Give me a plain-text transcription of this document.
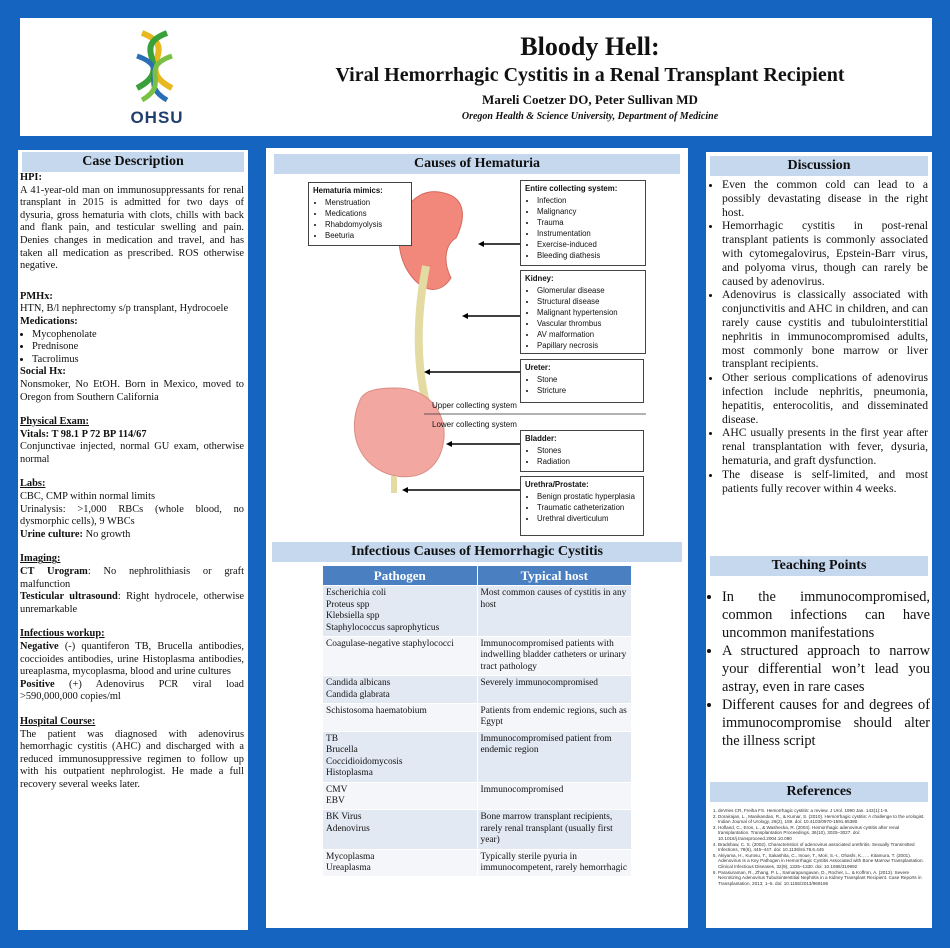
OHSU
Bloody Hell:
Viral Hemorrhagic Cystitis in a Renal Transplant Recipient
Mareli Coetzer DO, Peter Sullivan MD
Oregon Health & Science University, Department of Medicine
Case Description

HPI:

A 41-year-old man on immunosuppressants for renal transplant in 2015 is admitted for two days of dysuria, gross hematuria with clots, chills with back and flank pain, and testicular swelling and pain. Denies changes in medication and travel, and has taken all medication as prescribed. ROS otherwise negative.

PMHx:

HTN, B/l nephrectomy s/p transplant, Hydrocoele

Medications:

• Mycophenolate
• Prednisone
• Tacrolimus

Social Hx:

Nonsmoker, No EtOH. Born in Mexico, moved to Oregon from Southern California

Physical Exam:

Vitals: T 98.1 P 72 BP 114/67

Conjunctivae injected, normal GU exam, otherwise normal

Labs:

CBC, CMP within normal limits

Urinalysis: >1,000 RBCs (whole blood, no dysmorphic cells), 9 WBCs

Urine culture: No growth

Imaging:

CT Urogram: No nephrolithiasis or graft malfunction

Testicular ultrasound: Right hydrocele, otherwise unremarkable

Infectious workup:

Negative (-) quantiferon TB, Brucella antibodies, coccioides antibodies, urine Histoplasma antibodies, ureaplasma, mycoplasma, blood and urine cultures

Positive (+) Adenovirus PCR viral load >590,000,000 copies/ml

Hospital Course:

The patient was diagnosed with adenovirus hemorrhagic cystitis (AHC) and discharged with a reduced immunosuppressive regimen to follow up with his outpatient nephrologist. He made a full recovery several weeks later.

Causes of Hematuria
Hematuria mimics:
• Menstruation
• Medications
• Rhabdomyolysis
• Beeturia
Entire collecting system:
• Infection
• Malignancy
• Trauma
• Instrumentation
• Exercise-induced
• Bleeding diathesis
Kidney:
• Glomerular disease
• Structural disease
• Malignant hypertension
• Vascular thrombus
• AV malformation
• Papillary necrosis
Ureter:
• Stone
• Stricture
Upper collecting system
Lower collecting system
Bladder:
• Stones
• Radiation
Urethra/Prostate:
• Benign prostatic hyperplasia
• Traumatic catheterization
• Urethral diverticulum
Infectious Causes of Hemorrhagic Cystitis
Pathogen	Typical host
Escherichia coli
Proteus spp
Klebsiella spp
Staphylococcus saprophyticus	Most common causes of cystitis in any host
Coagulase-negative staphylococci	Immunocompromised patients with indwelling bladder catheters or urinary tract pathology
Candida albicans
Candida glabrata	Severely immunocompromised
Schistosoma haematobium	Patients from endemic regions, such as Egypt
TB
Brucella
Coccidioidomycosis
Histoplasma	Immunocompromised patient from endemic region
CMV
EBV	Immunocompromised
BK Virus
Adenovirus	Bone marrow transplant recipients, rarely renal transplant (usually first year)
Mycoplasma
Ureaplasma	Typically sterile pyuria in immunocompetent, rarely hemorrhagic
Discussion
• Even the common cold can lead to a possibly devastating disease in the right host.
• Hemorrhagic cystitis in post-renal transplant patients is commonly associated with cytomegalovirus, Epstein-Barr virus, and polyoma virus, though can rarely be caused by adenovirus.
• Adenovirus is classically associated with conjunctivitis and AHC in children, and can rarely cause cystitis and tubulointerstitial nephritis in immunocompromised adults, most commonly bone marrow or liver transplant recipients.
• Other serious complications of adenovirus infection include nephritis, pneumonia, hepatitis, enterocolitis, and disseminated disease.
• AHC usually presents in the first year after renal transplantation with fever, dysuria, hematuria, and graft dysfunction.
• The disease is self-limited, and most patients fully recover within 4 weeks.
Teaching Points
• In the immunocompromised, common infections can have uncommon manifestations
• A structured approach to narrow your differential won’t lead you astray, even in rare cases
• Different causes for and degrees of immunocompromise should alter the illness script
References
1. deVries CR, Freiha FS. Hemorrhagic cystitis: a review. J Urol. 1990 Jan. 143(1):1-9.
2. Dorairajan, L., Manikandan, R., & Kumar, S. (2010). Hemorrhagic cystitis: A challenge to the urologist. Indian Journal of Urology, 26(2), 159. doi: 10.4103/0970-1591.65380
3. Hofland, C., Eron, L., & Washecka, R. (2004). Hemorrhagic adenovirus cystitis after renal transplantation. Transplantation Proceedings, 36(10), 3025–3027. doi: 10.1016/j.transproceed.2004.10.090
4. Bradshaw, C. S. (2002). Characteristics of adenovirus associated urethritis. Sexually Transmitted Infections, 78(6), 445–447. doi: 10.1136/sti.78.6.445
5. Akiyama, H., Kurosu, T., Sakashita, C., Inoue, T., Mori, S.-I., Ohashi, K., … Kitamura, T. (2001). Adenovirus Is a Key Pathogen in Hemorrhagic Cystitis Associated with Bone Marrow Transplantation. Clinical Infectious Diseases, 32(9), 1325–1330. doi: 10.1086/319992
6. Parasuraman, R., Zhang, P. L., Samarapungavan, D., Rocher, L., & Koffron, A. (2013). Severe Necrotizing Adenovirus Tubulointerstitial Nephritis in a Kidney Transplant Recipient. Case Reports in Transplantation, 2013, 1–5. doi: 10.1155/2013/969186
